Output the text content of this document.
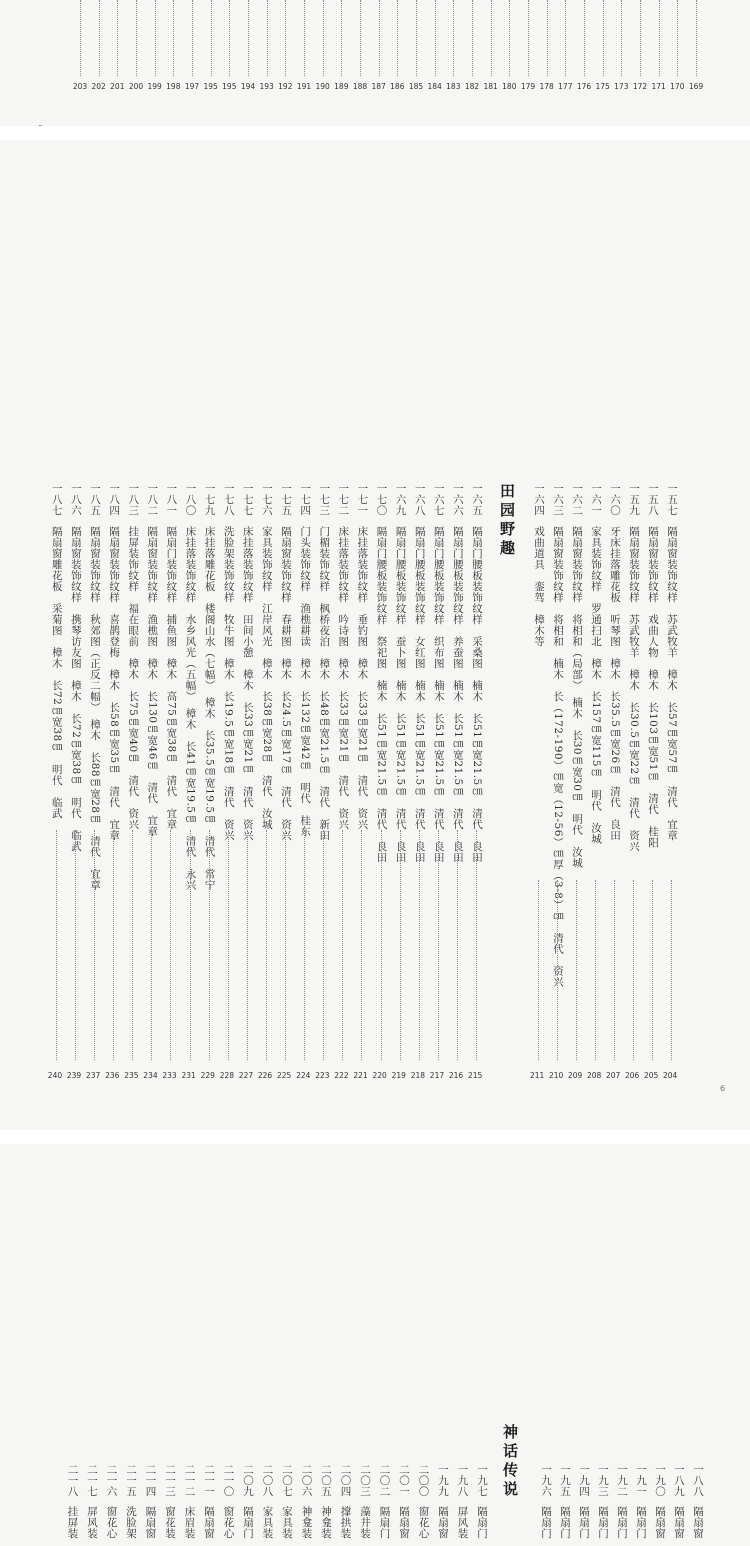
203 202 201 200 199 198 197 195 195 194 193 192 191 190 189 188 187 186 185 184 183 182 181 180 179 178 177 176 175 173 172 171 170 169
一五七
隔扇窗装饰纹样　苏武牧羊　樟木　长57㎝宽57㎝　清代　宜章
204
一五八
隔扇窗装饰纹样　戏曲人物　樟木　长103㎝宽51㎝　清代　桂阳
205
一五九
隔扇窗装饰纹样　苏武牧羊　樟木　长30.5㎝宽22㎝　清代　资兴
206
一六〇
牙床挂落雕花板　听琴图　樟木　长35.5㎝宽26㎝　清代　良田
207
一六一
家具装饰纹样　罗通扫北　樟木　长157㎝宽115㎝　明代　汝城
208
一六二
隔扇窗装饰纹样　将相和（局部）　楠木　长30㎝宽30㎝　明代　汝城
209
一六三
隔扇窗装饰纹样　将相和　楠木　长（172-190）㎝宽（12-56）㎝厚（3-8）㎝　清代　资兴
210
一六四
戏曲道具　銮驾　樟木等
211
田园野趣
一六五
隔扇门腰板装饰纹样　采桑图　楠木　长51㎝宽21.5㎝　清代　良田
215
一六六
隔扇门腰板装饰纹样　养蚕图　楠木　长51㎝宽21.5㎝　清代　良田
216
一六七
隔扇门腰板装饰纹样　织布图　楠木　长51㎝宽21.5㎝　清代　良田
217
一六八
隔扇门腰板装饰纹样　女红图　楠木　长51㎝宽21.5㎝　清代　良田
218
一六九
隔扇门腰板装饰纹样　蚕卜图　楠木　长51㎝宽21.5㎝　清代　良田
219
一七〇
隔扇门腰板装饰纹样　祭祀图　楠木　长51㎝宽21.5㎝　清代　良田
220
一七一
床挂落装饰纹样　垂钓图　樟木　长33㎝宽21㎝　清代　资兴
221
一七二
床挂落装饰纹样　吟诗图　樟木　长33㎝宽21㎝　清代　资兴
222
一七三
门楣装饰纹样　枫桥夜泊　樟木　长48㎝宽21.5㎝　清代　新田
223
一七四
门头装饰纹样　渔樵耕读　樟木　长132㎝宽42㎝　明代　桂东
224
一七五
隔扇窗装饰纹样　春耕图　樟木　长24.5㎝宽17㎝　清代　资兴
225
一七六
家具装饰纹样　江岸风光　樟木　长38㎝宽28㎝　清代　汝城
226
一七七
床挂落装饰纹样　田间小憩　樟木　长33㎝宽21㎝　清代　资兴
227
一七八
洗脸架装饰纹样　牧牛图　樟木　长19.5㎝宽18㎝　清代　资兴
228
一七九
床挂落雕花板　楼阁山水（七幅）　樟木　长35.5㎝宽19.5㎝　清代　常宁
229
一八〇
床挂落装饰纹样　水乡风光（五幅）　樟木　长41㎝宽19.5㎝　清代　永兴
231
一八一
隔扇门装饰纹样　捕鱼图　樟木　高75㎝宽38㎝　清代　宜章
233
一八二
隔扇窗装饰纹样　渔樵图　樟木　长130㎝宽46㎝　清代　宜章
234
一八三
挂屏装饰纹样　福在眼前　樟木　长75㎝宽40㎝　清代　资兴
235
一八四
隔扇窗装饰纹样　喜鹊登梅　樟木　长58㎝宽35㎝　清代　宜章
236
一八五
隔扇窗装饰纹样　秋郊图（正反二幅）　樟木　长88㎝宽28㎝　清代　宜章
237
一八六
隔扇窗装饰纹样　携琴访友图　樟木　长72㎝宽38㎝　明代　临武
239
一八七
隔扇窗雕花板　采菊图　樟木　长72㎝宽38㎝　明代　临武
240
6
一八八
隔扇窗
一八九
隔扇窗
一九〇
隔扇窗
一九一
隔扇门
一九二
隔扇门
一九三
隔扇门
一九四
隔扇门
一九五
隔扇门
一九六
隔扇门
神话传说
一九七
隔扇门
一九八
屏风装
一九九
隔扇窗
二〇〇
窗花心
二〇一
隔扇窗
二〇二
隔扇门
二〇三
藻井装
二〇四
撑拱装
二〇五
神龛装
二〇六
神龛装
二〇七
家具装
二〇八
家具装
二〇九
隔扇门
二一〇
窗花心
二一一
隔扇窗
二一二
床眉装
二一三
窗花装
二一四
隔扇窗
二一五
洗脸架
二一六
窗花心
二一七
屏风装
二一八
挂屏装
